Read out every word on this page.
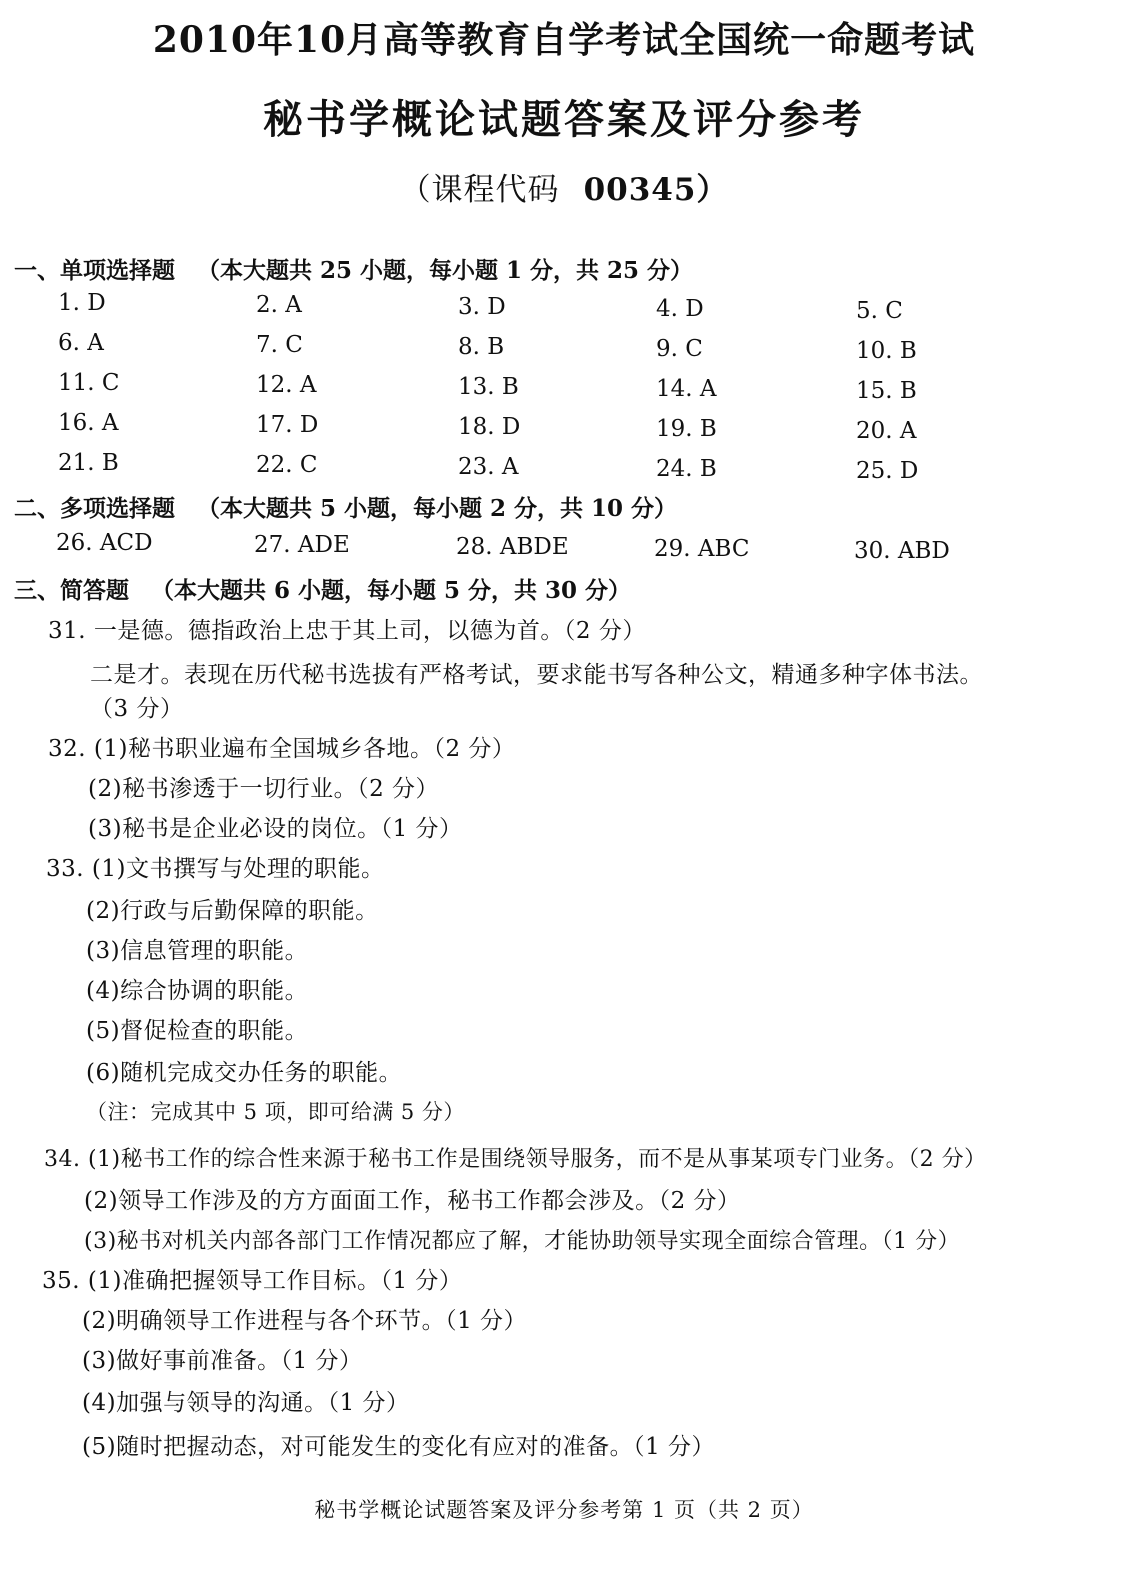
2010年10月高等教育自学考试全国统一命题考试
秘书学概论试题答案及评分参考
（课程代码 00345）
一、单项选择题 （本大题共 25 小题，每小题 1 分，共 25 分）
1. D	2. A	3. D	4. D	5. C
6. A	7. C	8. B	9. C	10. B
11. C	12. A	13. B	14. A	15. B
16. A	17. D	18. D	19. B	20. A
21. B	22. C	23. A	24. B	25. D
二、多项选择题 （本大题共 5 小题，每小题 2 分，共 10 分）
26. ACD	27. ADE	28. ABDE	29. ABC	30. ABD
三、简答题 （本大题共 6 小题，每小题 5 分，共 30 分）
31. 一是德。德指政治上忠于其上司，以德为首。（2 分）
二是才。表现在历代秘书选拔有严格考试，要求能书写各种公文，精通多种字体书法。
（3 分）
32. (1)秘书职业遍布全国城乡各地。（2 分）
(2)秘书渗透于一切行业。（2 分）
(3)秘书是企业必设的岗位。（1 分）
33. (1)文书撰写与处理的职能。
(2)行政与后勤保障的职能。
(3)信息管理的职能。
(4)综合协调的职能。
(5)督促检查的职能。
(6)随机完成交办任务的职能。
（注：完成其中 5 项，即可给满 5 分）
34. (1)秘书工作的综合性来源于秘书工作是围绕领导服务，而不是从事某项专门业务。（2 分）
(2)领导工作涉及的方方面面工作，秘书工作都会涉及。（2 分）
(3)秘书对机关内部各部门工作情况都应了解，才能协助领导实现全面综合管理。（1 分）
35. (1)准确把握领导工作目标。（1 分）
(2)明确领导工作进程与各个环节。（1 分）
(3)做好事前准备。（1 分）
(4)加强与领导的沟通。（1 分）
(5)随时把握动态，对可能发生的变化有应对的准备。（1 分）
秘书学概论试题答案及评分参考第 1 页（共 2 页）
